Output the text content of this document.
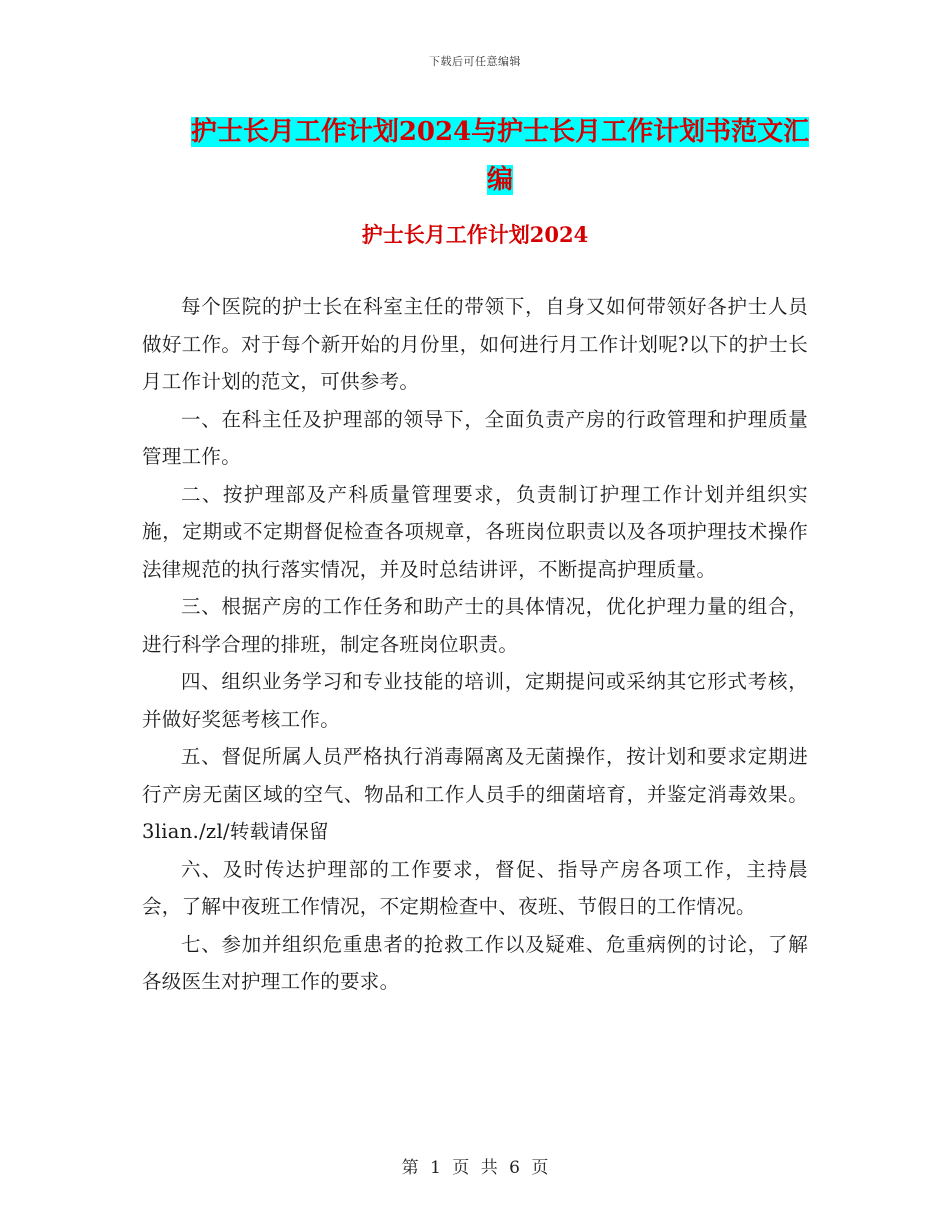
下载后可任意编辑
护士长月工作计划2024与护士长月工作计划书范文汇编
护士长月工作计划2024

每个医院的护士长在科室主任的带领下，自身又如何带领好各护士人员做好工作。对于每个新开始的月份里，如何进行月工作计划呢?以下的护士长月工作计划的范文，可供参考。

一、在科主任及护理部的领导下，全面负责产房的行政管理和护理质量管理工作。

二、按护理部及产科质量管理要求，负责制订护理工作计划并组织实施，定期或不定期督促检查各项规章，各班岗位职责以及各项护理技术操作法律规范的执行落实情况，并及时总结讲评，不断提高护理质量。

三、根据产房的工作任务和助产士的具体情况，优化护理力量的组合，进行科学合理的排班，制定各班岗位职责。

四、组织业务学习和专业技能的培训，定期提问或采纳其它形式考核，并做好奖惩考核工作。

五、督促所属人员严格执行消毒隔离及无菌操作，按计划和要求定期进行产房无菌区域的空气、物品和工作人员手的细菌培育，并鉴定消毒效果。3lian./zl/转载请保留

六、及时传达护理部的工作要求，督促、指导产房各项工作，主持晨会，了解中夜班工作情况，不定期检查中、夜班、节假日的工作情况。

七、参加并组织危重患者的抢救工作以及疑难、危重病例的讨论，了解各级医生对护理工作的要求。

第 1 页 共 6 页
